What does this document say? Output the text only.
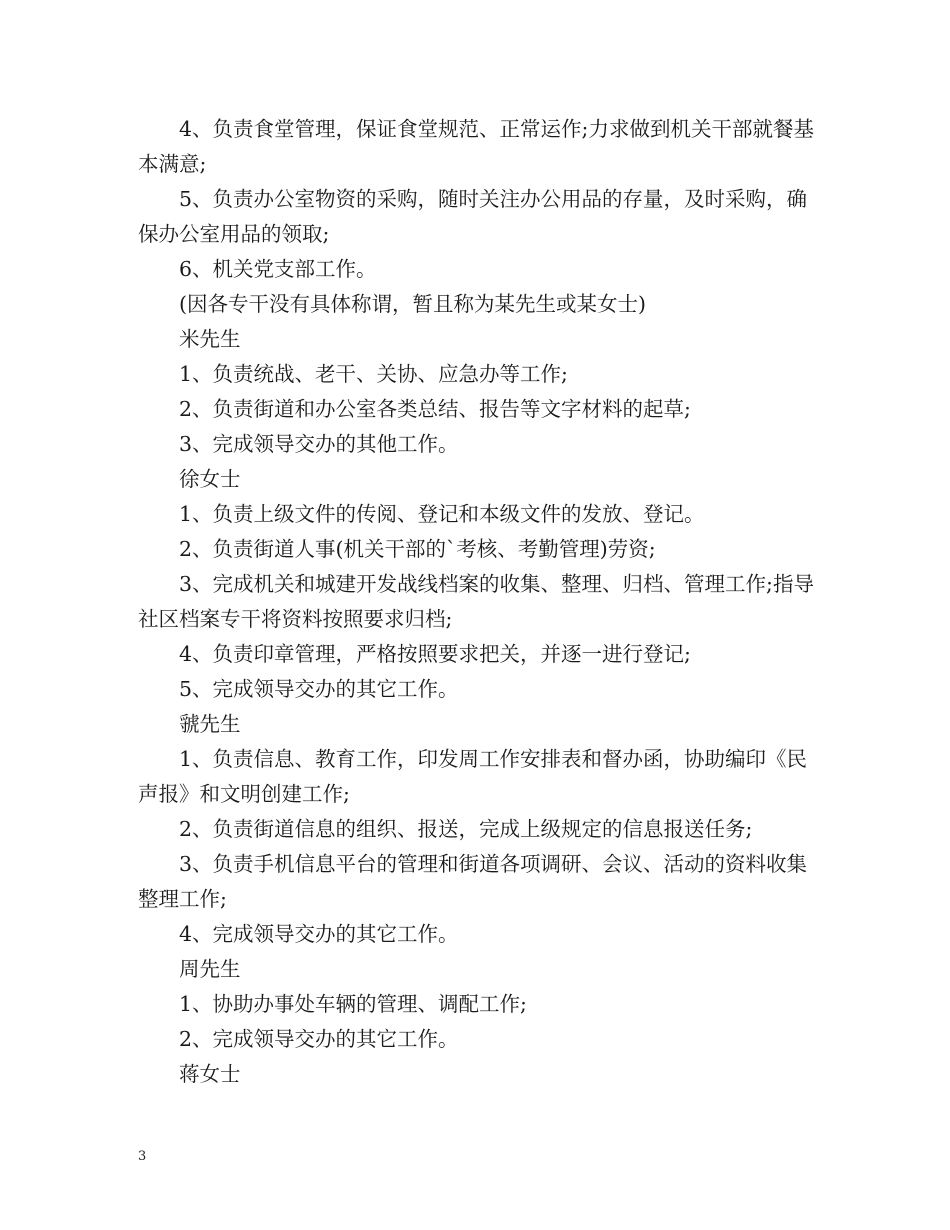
4、负责食堂管理，保证食堂规范、正常运作;力求做到机关干部就餐基本满意;

5、负责办公室物资的采购，随时关注办公用品的存量，及时采购，确保办公室用品的领取;

6、机关党支部工作。

(因各专干没有具体称谓，暂且称为某先生或某女士)

米先生

1、负责统战、老干、关协、应急办等工作;

2、负责街道和办公室各类总结、报告等文字材料的起草;

3、完成领导交办的其他工作。

徐女士

1、负责上级文件的传阅、登记和本级文件的发放、登记。

2、负责街道人事(机关干部的`考核、考勤管理)劳资;

3、完成机关和城建开发战线档案的收集、整理、归档、管理工作;指导社区档案专干将资料按照要求归档;

4、负责印章管理，严格按照要求把关，并逐一进行登记;

5、完成领导交办的其它工作。

虢先生

1、负责信息、教育工作，印发周工作安排表和督办函，协助编印《民声报》和文明创建工作;

2、负责街道信息的组织、报送，完成上级规定的信息报送任务;

3、负责手机信息平台的管理和街道各项调研、会议、活动的资料收集整理工作;

4、完成领导交办的其它工作。

周先生

1、协助办事处车辆的管理、调配工作;

2、完成领导交办的其它工作。

蒋女士

3
